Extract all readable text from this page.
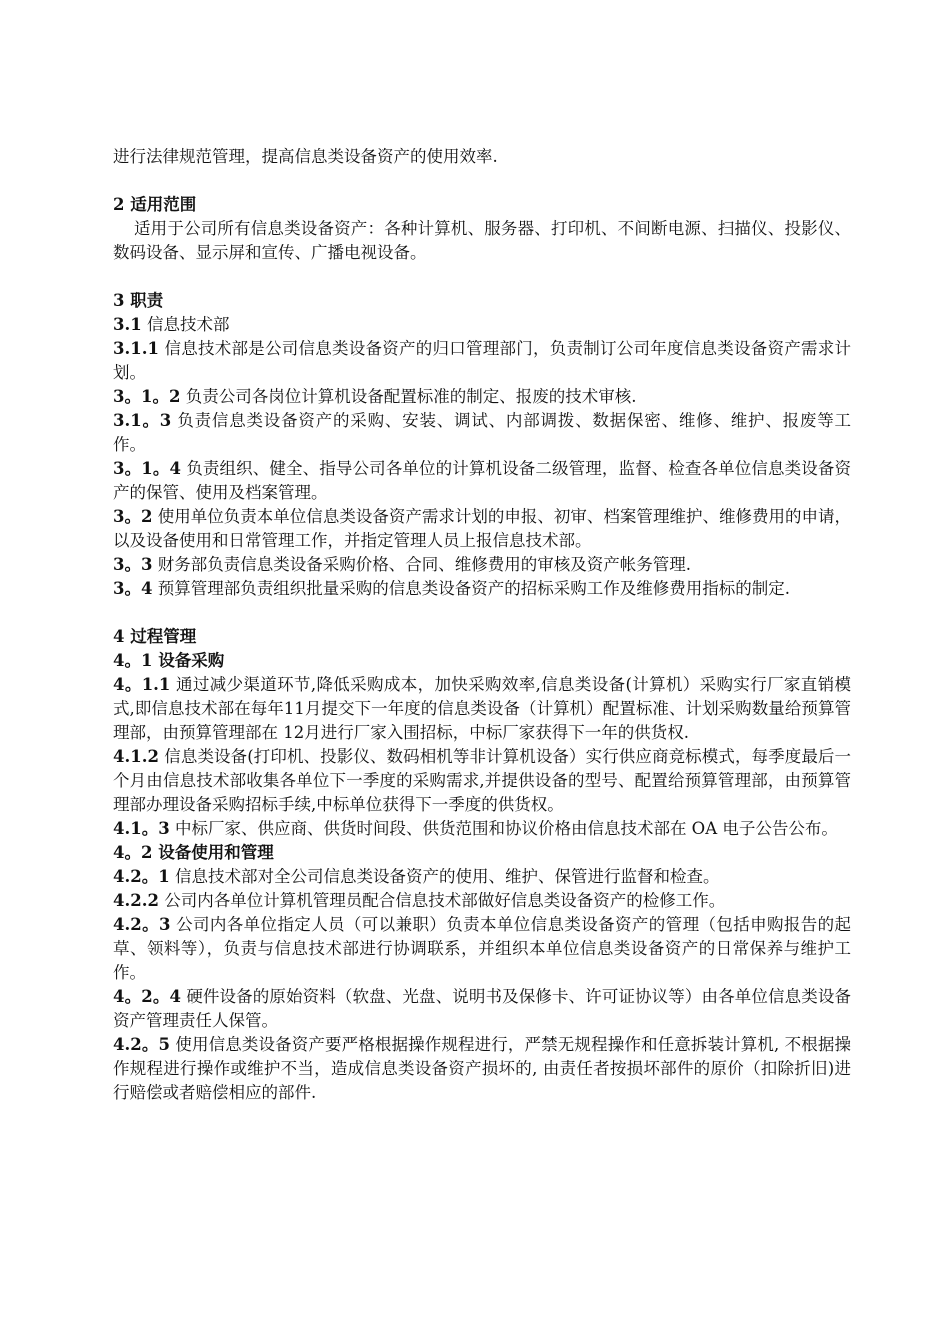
进行法律规范管理，提高信息类设备资产的使用效率.

2 适用范围

适用于公司所有信息类设备资产：各种计算机、服务器、打印机、不间断电源、扫描仪、投影仪、数码设备、显示屏和宣传、广播电视设备。

3 职责

3.1 信息技术部

3.1.1 信息技术部是公司信息类设备资产的归口管理部门，负责制订公司年度信息类设备资产需求计划。

3。1。2 负责公司各岗位计算机设备配置标准的制定、报废的技术审核.

3.1。3 负责信息类设备资产的采购、安装、调试、内部调拨、数据保密、维修、维护、报废等工作。

3。1。4 负责组织、健全、指导公司各单位的计算机设备二级管理，监督、检查各单位信息类设备资产的保管、使用及档案管理。

3。2 使用单位负责本单位信息类设备资产需求计划的申报、初审、档案管理维护、维修费用的申请，以及设备使用和日常管理工作，并指定管理人员上报信息技术部。

3。3 财务部负责信息类设备采购价格、合同、维修费用的审核及资产帐务管理.

3。4 预算管理部负责组织批量采购的信息类设备资产的招标采购工作及维修费用指标的制定.

4 过程管理

4。1 设备采购

4。1.1 通过减少渠道环节,降低采购成本，加快采购效率,信息类设备(计算机）采购实行厂家直销模式,即信息技术部在每年11月提交下一年度的信息类设备（计算机）配置标准、计划采购数量给预算管理部，由预算管理部在 12月进行厂家入围招标，中标厂家获得下一年的供货权.

4.1.2 信息类设备(打印机、投影仪、数码相机等非计算机设备）实行供应商竞标模式，每季度最后一个月由信息技术部收集各单位下一季度的采购需求,并提供设备的型号、配置给预算管理部，由预算管理部办理设备采购招标手续,中标单位获得下一季度的供货权。

4.1。3 中标厂家、供应商、供货时间段、供货范围和协议价格由信息技术部在 OA 电子公告公布。

4。2 设备使用和管理

4.2。1 信息技术部对全公司信息类设备资产的使用、维护、保管进行监督和检查。

4.2.2 公司内各单位计算机管理员配合信息技术部做好信息类设备资产的检修工作。

4.2。3 公司内各单位指定人员（可以兼职）负责本单位信息类设备资产的管理（包括申购报告的起草、领料等），负责与信息技术部进行协调联系，并组织本单位信息类设备资产的日常保养与维护工作。

4。2。4 硬件设备的原始资料（软盘、光盘、说明书及保修卡、许可证协议等）由各单位信息类设备资产管理责任人保管。

4.2。5 使用信息类设备资产要严格根据操作规程进行，严禁无规程操作和任意拆装计算机, 不根据操作规程进行操作或维护不当，造成信息类设备资产损坏的, 由责任者按损坏部件的原价（扣除折旧)进行赔偿或者赔偿相应的部件.
